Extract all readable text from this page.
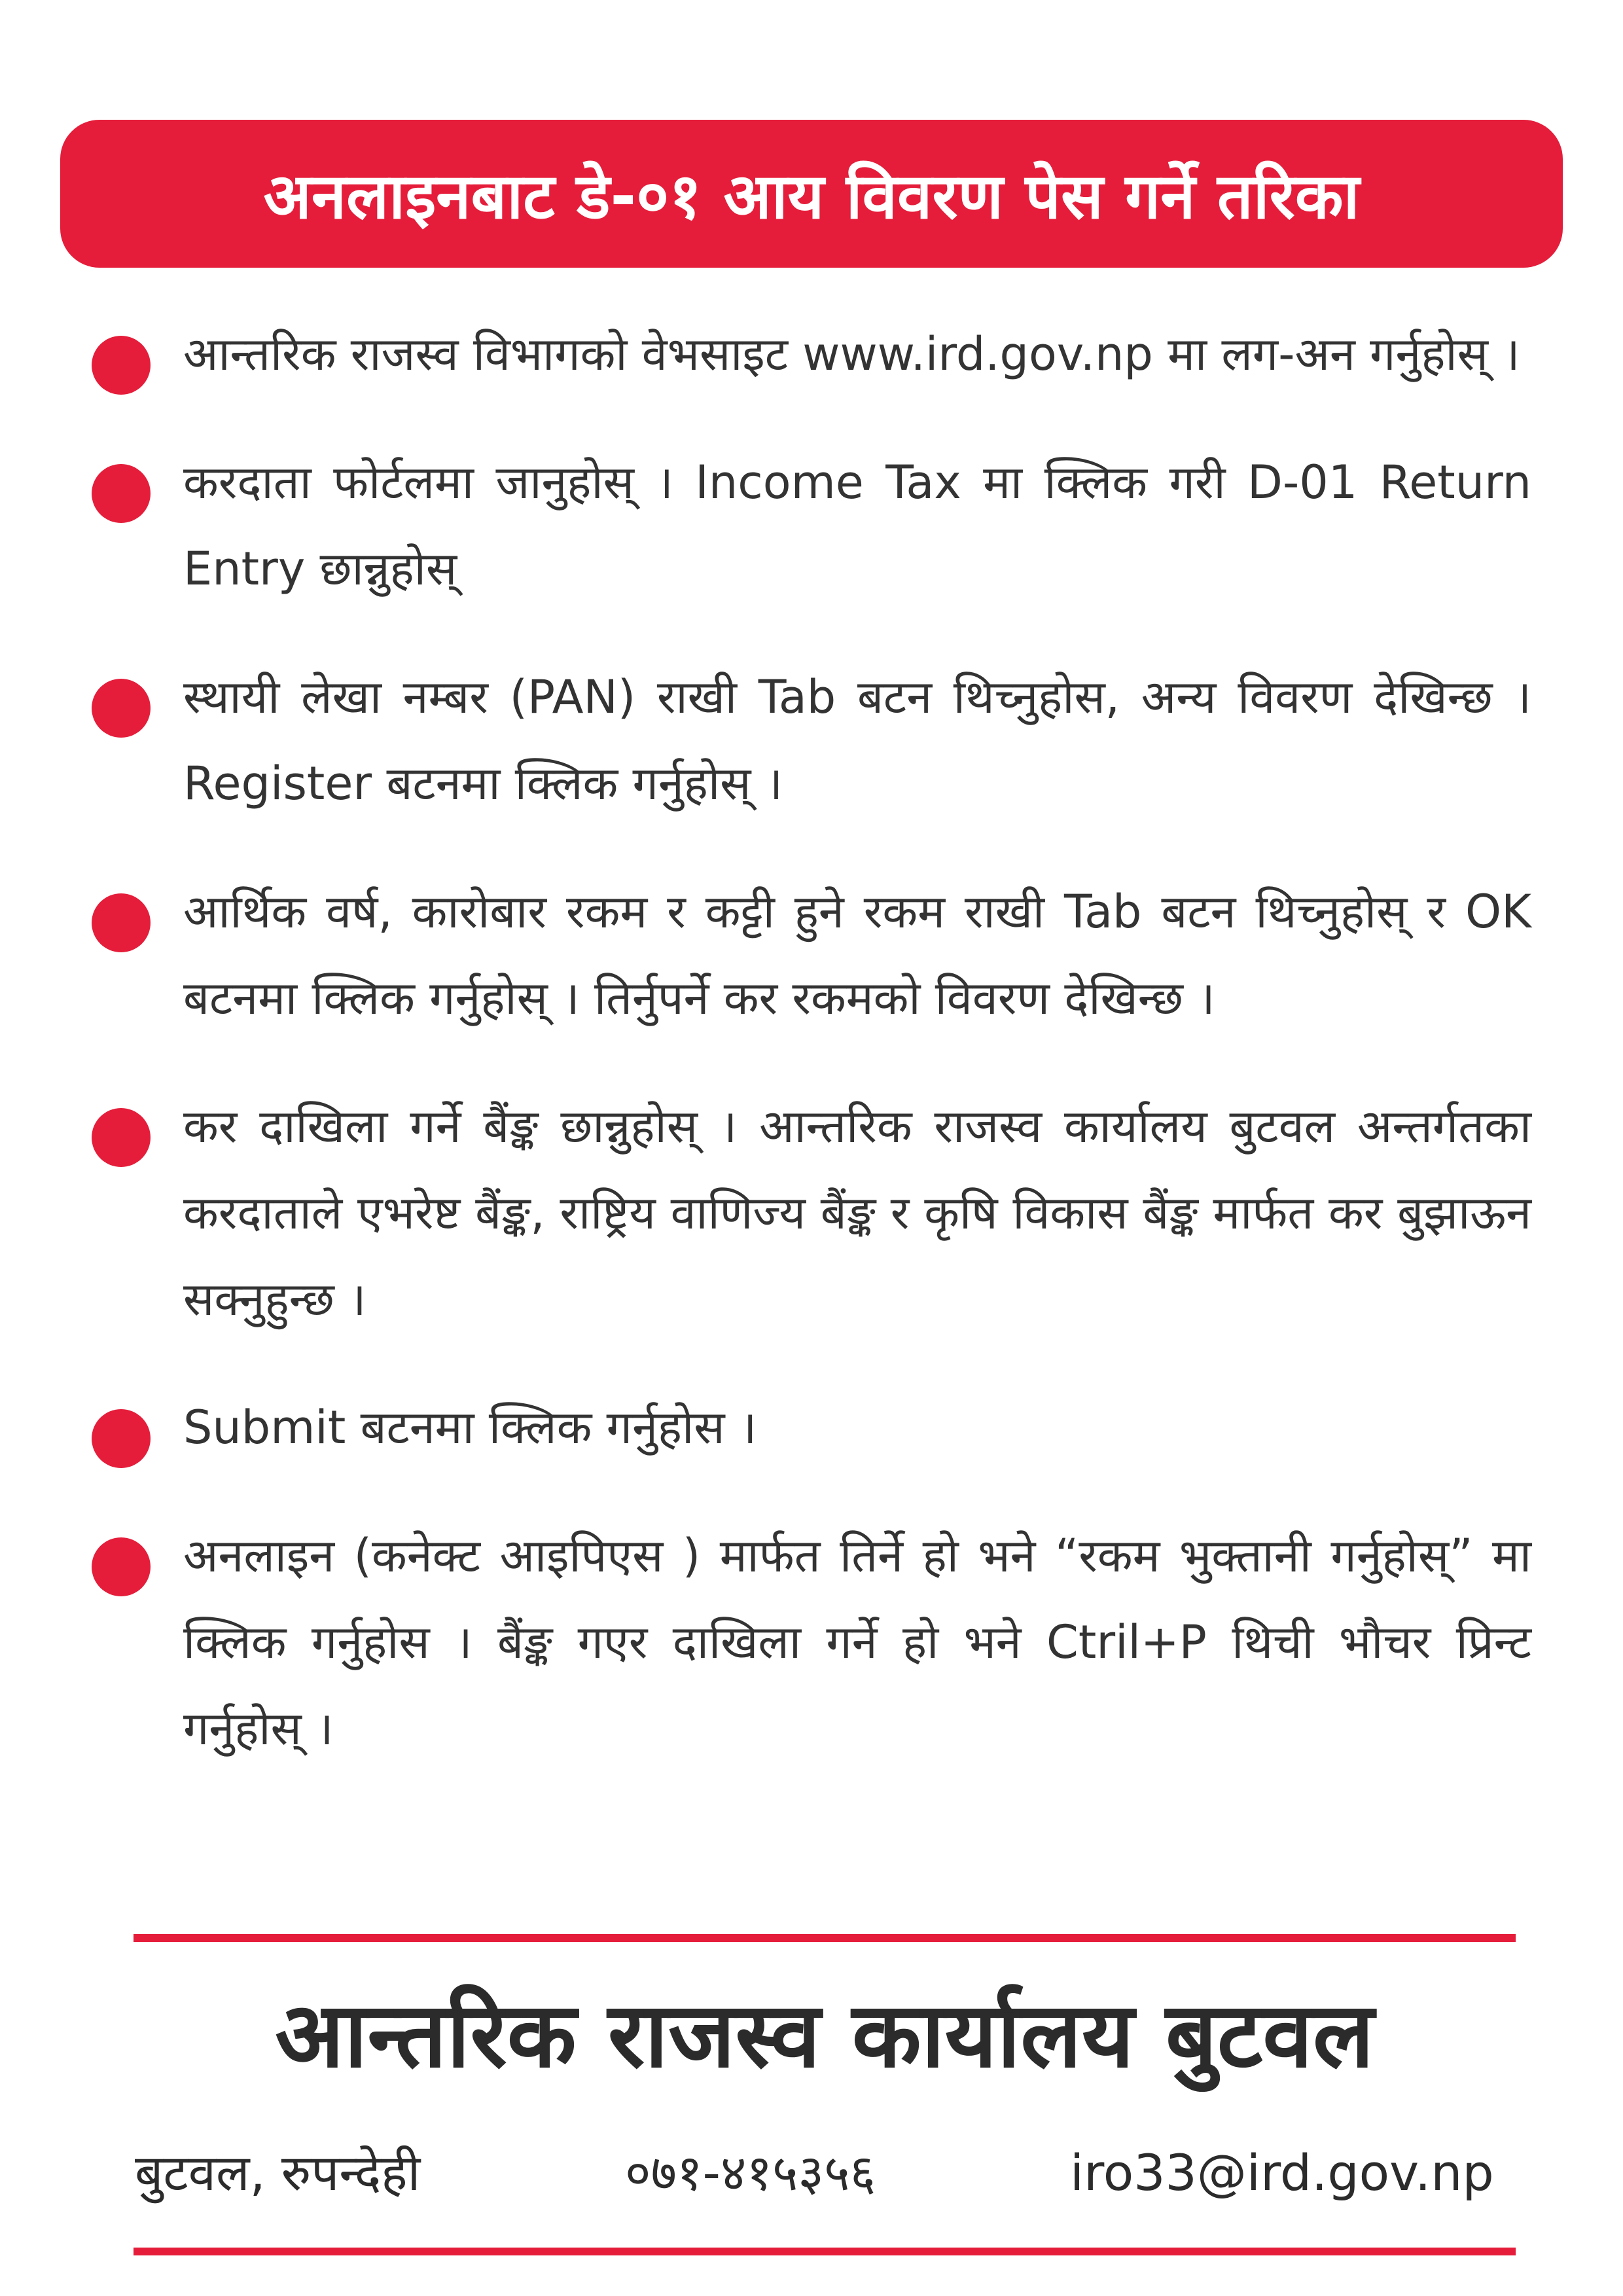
अनलाइनबाट डे-०१ आय विवरण पेस गर्ने तरिका
आन्तरिक राजस्व विभागको वेभसाइट www.ird.gov.np मा लग-अन गर्नुहोस् ।
करदाता फोर्टलमा जानुहोस् । Income Tax मा क्लिक गरी D-01 Return Entry छान्नुहोस्
स्थायी लेखा नम्बर (PAN) राखी Tab बटन थिच्नुहोस, अन्य विवरण देखिन्छ । Register बटनमा क्लिक गर्नुहोस् ।
आर्थिक वर्ष, कारोबार रकम र कट्टी हुने रकम राखी Tab बटन थिच्नुहोस् र OK बटनमा क्लिक गर्नुहोस् । तिर्नुपर्ने कर रकमको विवरण देखिन्छ ।
कर दाखिला गर्ने बैंङ्क छान्नुहोस् । आन्तरिक राजस्व कार्यालय बुटवल अन्तर्गतका करदाताले एभरेष्ट बैंङ्क, राष्ट्रिय वाणिज्य बैंङ्क र कृषि विकास बैंङ्क मार्फत कर बुझाऊन सक्नुहुन्छ ।
Submit बटनमा क्लिक गर्नुहोस ।
अनलाइन (कनेक्ट आइपिएस ) मार्फत तिर्ने हो भने “रकम भुक्तानी गर्नुहोस्” मा क्लिक गर्नुहोस । बैंङ्क गएर दाखिला गर्ने हो भने Ctril+P थिची भौचर प्रिन्ट गर्नुहोस् ।
आन्तरिक राजस्व कार्यालय बुटवल
बुटवल, रुपन्देही	०७१-४१५३५६	iro33@ird.gov.np
